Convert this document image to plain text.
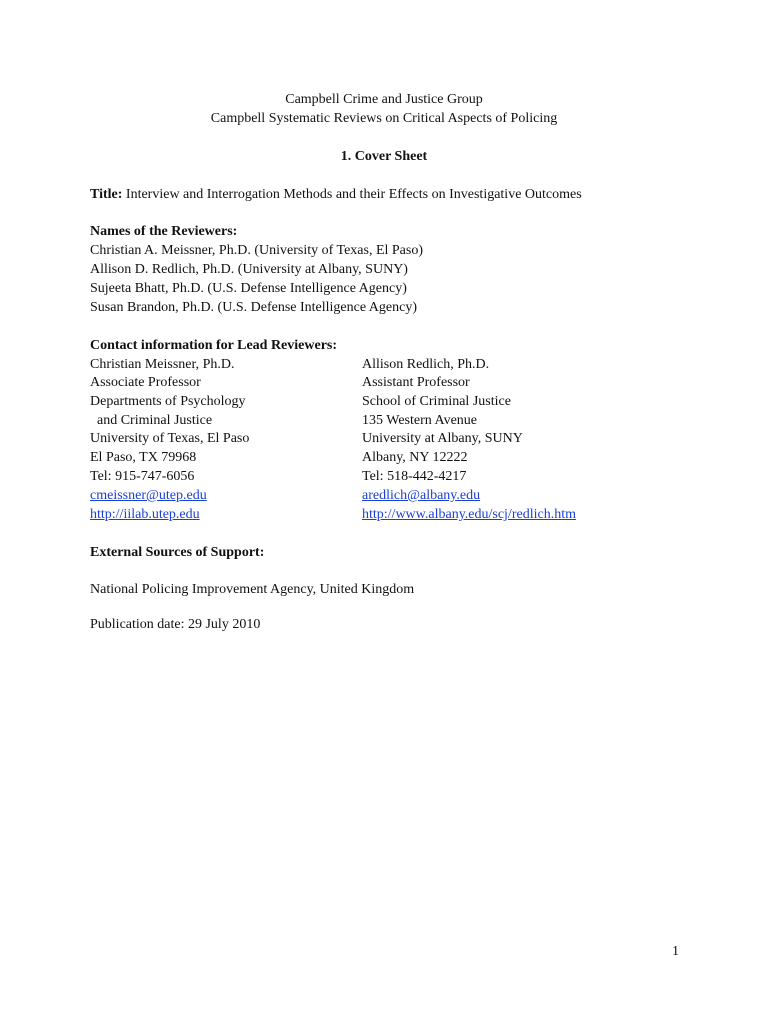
Campbell Crime and Justice Group
Campbell Systematic Reviews on Critical Aspects of Policing
1. Cover Sheet
Title: Interview and Interrogation Methods and their Effects on Investigative Outcomes
Names of the Reviewers:
Christian A. Meissner, Ph.D. (University of Texas, El Paso)
Allison D. Redlich, Ph.D. (University at Albany, SUNY)
Sujeeta Bhatt, Ph.D. (U.S. Defense Intelligence Agency)
Susan Brandon, Ph.D. (U.S. Defense Intelligence Agency)
Contact information for Lead Reviewers:
Christian Meissner, Ph.D.
Associate Professor
Departments of Psychology
and Criminal Justice
University of Texas, El Paso
El Paso, TX 79968
Tel: 915-747-6056
cmeissner@utep.edu
http://iilab.utep.edu
Allison Redlich, Ph.D.
Assistant Professor
School of Criminal Justice
135 Western Avenue
University at Albany, SUNY
Albany, NY 12222
Tel: 518-442-4217
aredlich@albany.edu
http://www.albany.edu/scj/redlich.htm
External Sources of Support:
National Policing Improvement Agency, United Kingdom
Publication date: 29 July 2010
1
